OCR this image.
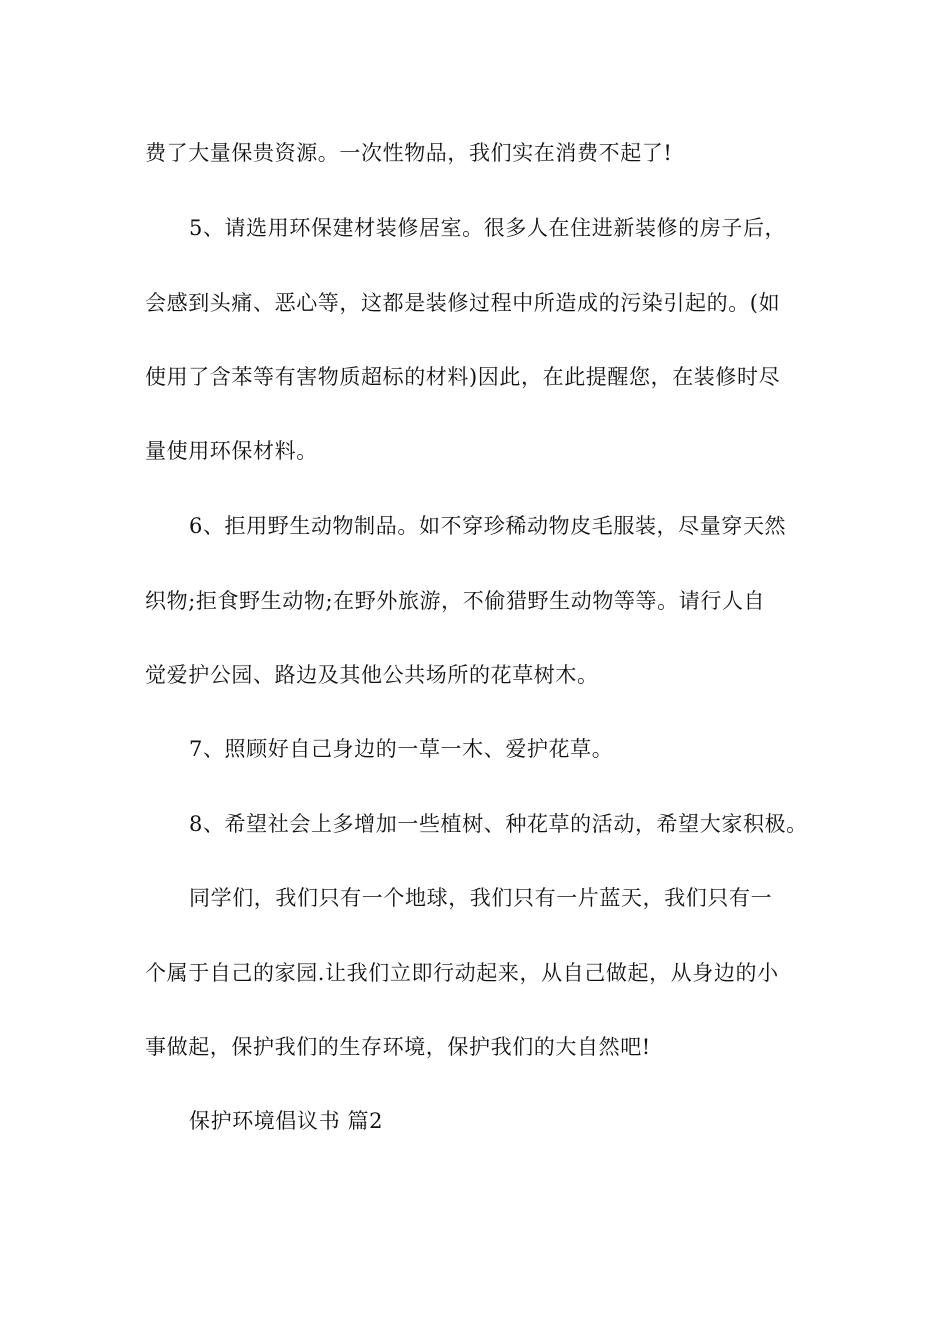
费了大量保贵资源。一次性物品，我们实在消费不起了!
5、请选用环保建材装修居室。很多人在住进新装修的房子后，
会感到头痛、恶心等，这都是装修过程中所造成的污染引起的。(如
使用了含苯等有害物质超标的材料)因此，在此提醒您，在装修时尽
量使用环保材料。
6、拒用野生动物制品。如不穿珍稀动物皮毛服装，尽量穿天然
织物;拒食野生动物;在野外旅游，不偷猎野生动物等等。请行人自
觉爱护公园、路边及其他公共场所的花草树木。
7、照顾好自己身边的一草一木、爱护花草。
8、希望社会上多增加一些植树、种花草的活动，希望大家积极。
同学们，我们只有一个地球，我们只有一片蓝天，我们只有一
个属于自己的家园.让我们立即行动起来，从自己做起，从身边的小
事做起，保护我们的生存环境，保护我们的大自然吧!
保护环境倡议书 篇2
